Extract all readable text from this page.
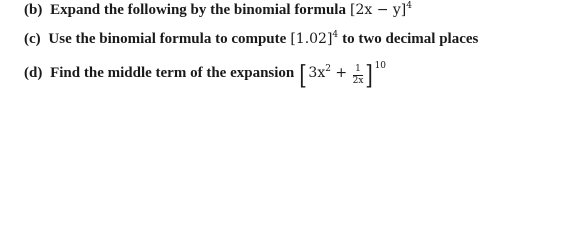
(b) Expand the following by the binomial formula $[2x - y]^4$
(c) Use the binomial formula to compute $[1.02]^4$ to two decimal places
(d) Find the middle term of the expansion $[3x^2 + \frac{1}{2x} ]^{10}$
